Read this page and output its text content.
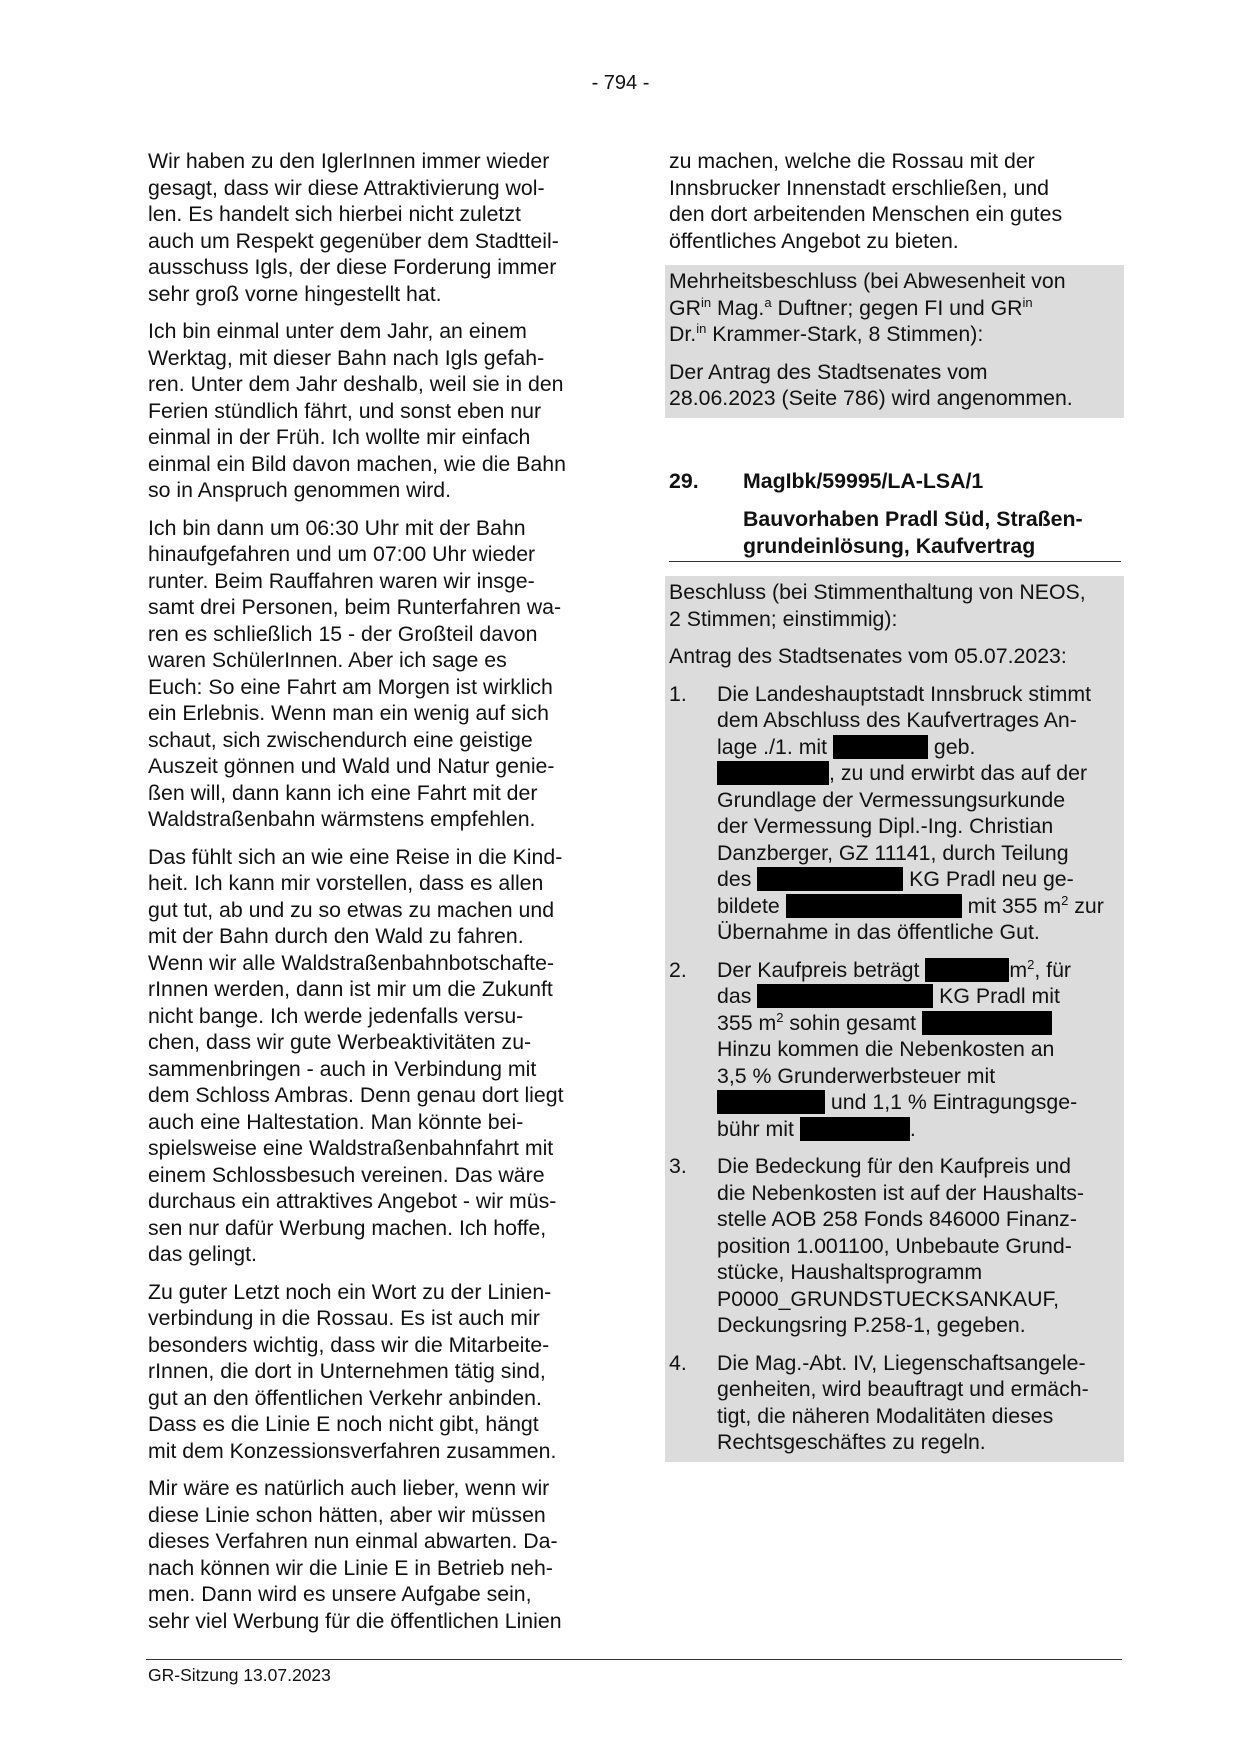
- 794 -
Wir haben zu den IglerInnen immer wieder
gesagt, dass wir diese Attraktivierung wol-
len. Es handelt sich hierbei nicht zuletzt
auch um Respekt gegenüber dem Stadtteil-
ausschuss Igls, der diese Forderung immer
sehr groß vorne hingestellt hat.
Ich bin einmal unter dem Jahr, an einem
Werktag, mit dieser Bahn nach Igls gefah-
ren. Unter dem Jahr deshalb, weil sie in den
Ferien stündlich fährt, und sonst eben nur
einmal in der Früh. Ich wollte mir einfach
einmal ein Bild davon machen, wie die Bahn
so in Anspruch genommen wird.
Ich bin dann um 06:30 Uhr mit der Bahn
hinaufgefahren und um 07:00 Uhr wieder
runter. Beim Rauffahren waren wir insge-
samt drei Personen, beim Runterfahren wa-
ren es schließlich 15 - der Großteil davon
waren SchülerInnen. Aber ich sage es
Euch: So eine Fahrt am Morgen ist wirklich
ein Erlebnis. Wenn man ein wenig auf sich
schaut, sich zwischendurch eine geistige
Auszeit gönnen und Wald und Natur genie-
ßen will, dann kann ich eine Fahrt mit der
Waldstraßenbahn wärmstens empfehlen.
Das fühlt sich an wie eine Reise in die Kind-
heit. Ich kann mir vorstellen, dass es allen
gut tut, ab und zu so etwas zu machen und
mit der Bahn durch den Wald zu fahren.
Wenn wir alle Waldstraßenbahnbotschafte-
rInnen werden, dann ist mir um die Zukunft
nicht bange. Ich werde jedenfalls versu-
chen, dass wir gute Werbeaktivitäten zu-
sammenbringen - auch in Verbindung mit
dem Schloss Ambras. Denn genau dort liegt
auch eine Haltestation. Man könnte bei-
spielsweise eine Waldstraßenbahnfahrt mit
einem Schlossbesuch vereinen. Das wäre
durchaus ein attraktives Angebot - wir müs-
sen nur dafür Werbung machen. Ich hoffe,
das gelingt.
Zu guter Letzt noch ein Wort zu der Linien-
verbindung in die Rossau. Es ist auch mir
besonders wichtig, dass wir die Mitarbeite-
rInnen, die dort in Unternehmen tätig sind,
gut an den öffentlichen Verkehr anbinden.
Dass es die Linie E noch nicht gibt, hängt
mit dem Konzessionsverfahren zusammen.
Mir wäre es natürlich auch lieber, wenn wir
diese Linie schon hätten, aber wir müssen
dieses Verfahren nun einmal abwarten. Da-
nach können wir die Linie E in Betrieb neh-
men. Dann wird es unsere Aufgabe sein,
sehr viel Werbung für die öffentlichen Linien
zu machen, welche die Rossau mit der
Innsbrucker Innenstadt erschließen, und
den dort arbeitenden Menschen ein gutes
öffentliches Angebot zu bieten.
Mehrheitsbeschluss (bei Abwesenheit von
$GR^{in}$ Mag.$^a$ Duftner; gegen FI und $GR^{in}$
Dr.$^{in}$ Krammer-Stark, 8 Stimmen):
Der Antrag des Stadtsenates vom
28.06.2023 (Seite 786) wird angenommen.
29.	MagIbk/59995/LA-LSA/1
Bauvorhaben Pradl Süd, Straßen-
grundeinlösung, Kaufvertrag
Beschluss (bei Stimmenthaltung von NEOS,
2 Stimmen; einstimmig):
Antrag des Stadtsenates vom 05.07.2023:
1.	Die Landeshauptstadt Innsbruck stimmt
dem Abschluss des Kaufvertrages An-
lage ./1. mit	geb.
, zu und erwirbt das auf der
Grundlage der Vermessungsurkunde
der Vermessung Dipl.-Ing. Christian
Danzberger, GZ 11141, durch Teilung
des	KG Pradl neu ge-
bildete	mit 355 $m^2$ zur
Übernahme in das öffentliche Gut.
2.	Der Kaufpreis beträgt	$m^2$, für
das	KG Pradl mit
355 $m^2$ sohin gesamt
Hinzu kommen die Nebenkosten an
3,5 % Grunderwerbsteuer mit
und 1,1 % Eintragungsge-
bühr mit	.
3.	Die Bedeckung für den Kaufpreis und
die Nebenkosten ist auf der Haushalts-
stelle AOB 258 Fonds 846000 Finanz-
position 1.001100, Unbebaute Grund-
stücke, Haushaltsprogramm
P0000_GRUNDSTUECKSANKAUF,
Deckungsring P.258-1, gegeben.
4.	Die Mag.-Abt. IV, Liegenschaftsangele-
genheiten, wird beauftragt und ermäch-
tigt, die näheren Modalitäten dieses
Rechtsgeschäftes zu regeln.
GR-Sitzung 13.07.2023
